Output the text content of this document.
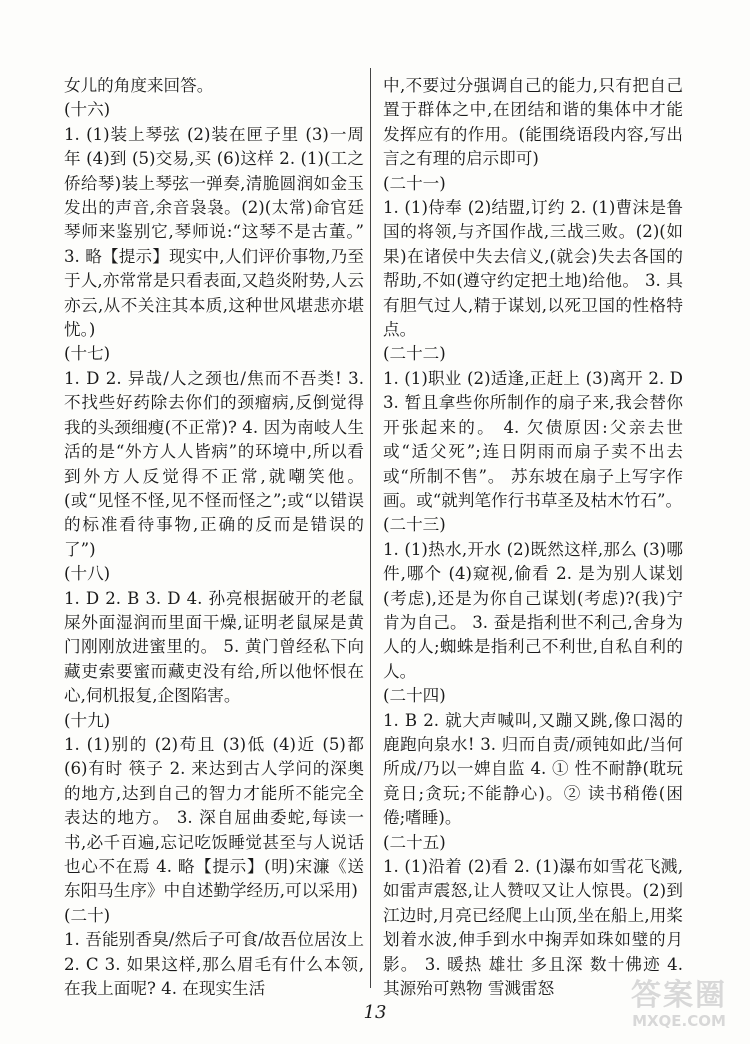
女儿的角度来回答。

(十六)

1. (1)装上琴弦 (2)装在匣子里 (3)一周年 (4)到 (5)交易,买 (6)这样 2. (1)(工之侨给琴)装上琴弦一弹奏,清脆圆润如金玉发出的声音,余音袅袅。(2)(太常)命官廷琴师来鉴别它,琴师说:“这琴不是古董。” 3. 略【提示】现实中,人们评价事物,乃至于人,亦常常是只看表面,又趋炎附势,人云亦云,从不关注其本质,这种世风堪悲亦堪忧。)

(十七)

1. D 2. 异哉/人之颈也/焦而不吾类! 3. 不找些好药除去你们的颈瘤病,反倒觉得我的头颈细瘦(不正常)? 4. 因为南岐人生活的是“外方人人皆病”的环境中,所以看到外方人反觉得不正常,就嘲笑他。(或“见怪不怪,见不怪而怪之”;或“以错误的标准看待事物,正确的反而是错误的了”)

(十八)

1. D 2. B 3. D 4. 孙亮根据破开的老鼠屎外面湿润而里面干燥,证明老鼠屎是黄门刚刚放进蜜里的。 5. 黄门曾经私下向藏吏索要蜜而藏吏没有给,所以他怀恨在心,伺机报复,企图陷害。

(十九)

1. (1)别的 (2)苟且 (3)低 (4)近 (5)都 (6)有时 筷子 2. 来达到古人学问的深奥的地方,达到自己的智力才能所不能完全表达的地方。 3. 深自屈曲委蛇,每读一书,必千百遍,忘记吃饭睡觉甚至与人说话也心不在焉 4. 略【提示】(明)宋濂《送东阳马生序》中自述勤学经历,可以采用)

(二十)

1. 吾能别香臭/然后子可食/故吾位居汝上 2. C 3. 如果这样,那么眉毛有什么本领,在我上面呢? 4. 在现实生活

中,不要过分强调自己的能力,只有把自己置于群体之中,在团结和谐的集体中才能发挥应有的作用。(能围绕语段内容,写出言之有理的启示即可)

(二十一)

1. (1)侍奉 (2)结盟,订约 2. (1)曹沫是鲁国的将领,与齐国作战,三战三败。(2)(如果)在诸侯中失去信义,(就会)失去各国的帮助,不如(遵守约定把土地)给他。 3. 具有胆气过人,精于谋划,以死卫国的性格特点。

(二十二)

1. (1)职业 (2)适逢,正赶上 (3)离开 2. D 3. 暂且拿些你所制作的扇子来,我会替你开张起来的。 4. 欠债原因:父亲去世或“适父死”;连日阴雨而扇子卖不出去或“所制不售”。 苏东坡在扇子上写字作画。或“就判笔作行书草圣及枯木竹石”。

(二十三)

1. (1)热水,开水 (2)既然这样,那么 (3)哪件,哪个 (4)窥视,偷看 2. 是为别人谋划(考虑),还是为你自己谋划(考虑)?(我)宁肯为自己。 3. 蚕是指利世不利己,舍身为人的人;蜘蛛是指利己不利世,自私自利的人。

(二十四)

1. B 2. 就大声喊叫,又蹦又跳,像口渴的鹿跑向泉水! 3. 归而自责/顽钝如此/当何所成/乃以一婢自监 4. ① 性不耐静(耽玩竟日;贪玩;不能静心)。② 读书稍倦(困倦;嗜睡)。

(二十五)

1. (1)沿着 (2)看 2. (1)瀑布如雪花飞溅,如雷声震怒,让人赞叹又让人惊畏。(2)到江边时,月亮已经爬上山顶,坐在船上,用桨划着水波,伸手到水中掬弄如珠如璧的月影。 3. 暖热 雄壮 多且深 数十佛迹 4. 其源殆可熟物 雪溅雷怒

13	答案圈
MXQE.COM
